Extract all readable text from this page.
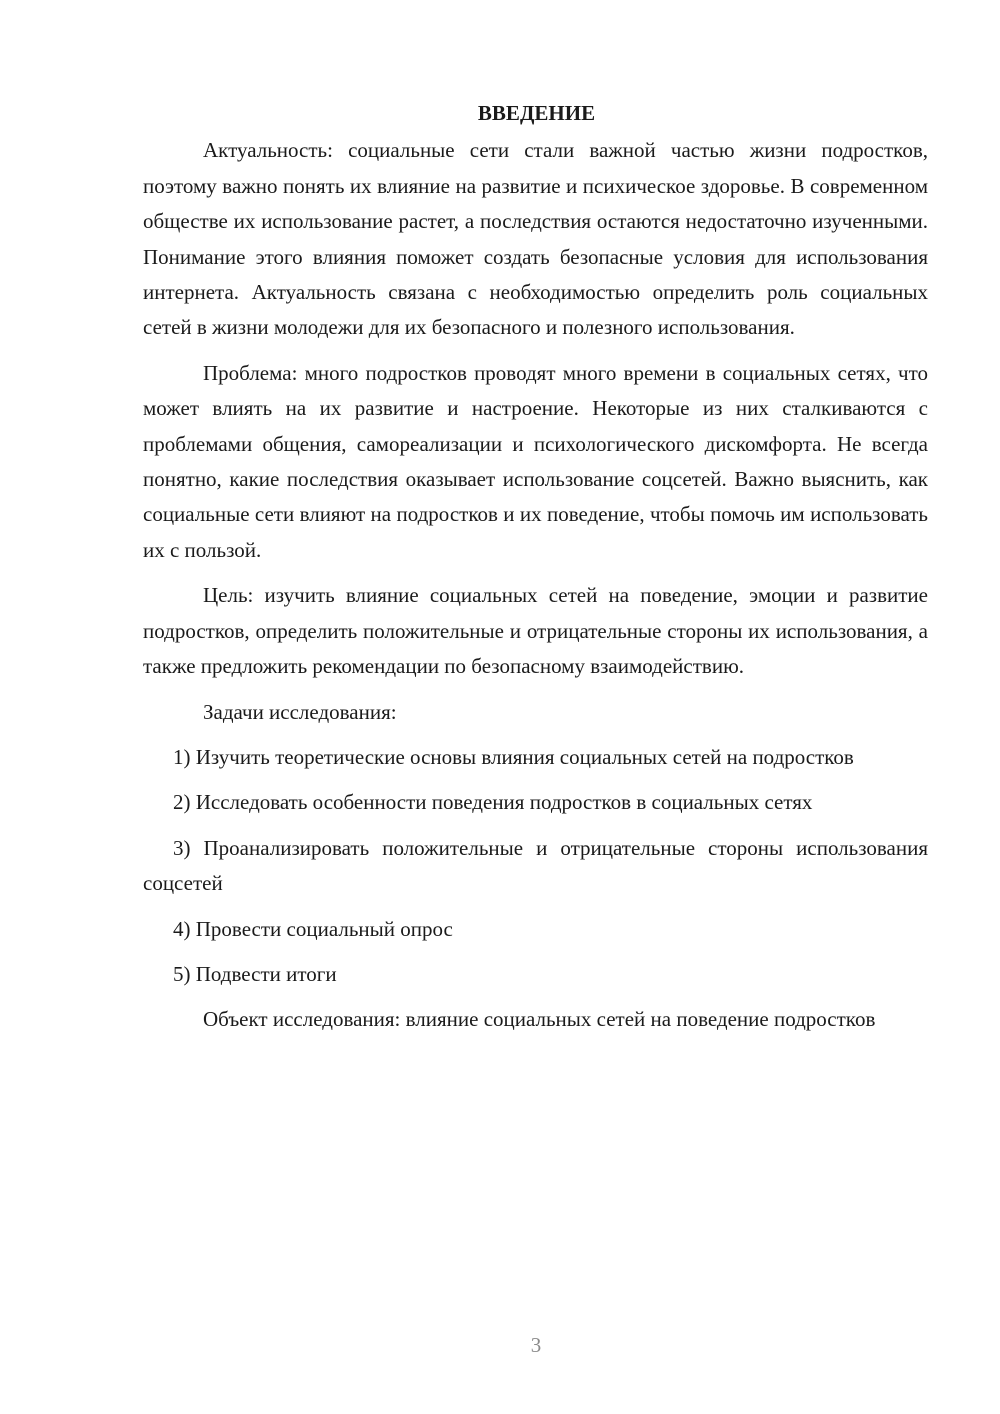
ВВЕДЕНИЕ

Актуальность: социальные сети стали важной частью жизни подростков, поэтому важно понять их влияние на развитие и психическое здоровье. В современном обществе их использование растет, а последствия остаются недостаточно изученными. Понимание этого влияния поможет создать безопасные условия для использования интернета. Актуальность связана с необходимостью определить роль социальных сетей в жизни молодежи для их безопасного и полезного использования.

Проблема: много подростков проводят много времени в социальных сетях, что может влиять на их развитие и настроение. Некоторые из них сталкиваются с проблемами общения, самореализации и психологического дискомфорта. Не всегда понятно, какие последствия оказывает использование соцсетей. Важно выяснить, как социальные сети влияют на подростков и их поведение, чтобы помочь им использовать их с пользой.

Цель: изучить влияние социальных сетей на поведение, эмоции и развитие подростков, определить положительные и отрицательные стороны их использования, а также предложить рекомендации по безопасному взаимодействию.

Задачи исследования:

1) Изучить теоретические основы влияния социальных сетей на подростков

2) Исследовать особенности поведения подростков в социальных сетях

3) Проанализировать положительные и отрицательные стороны использования соцсетей

4) Провести социальный опрос

5) Подвести итоги

Объект исследования: влияние социальных сетей на поведение подростков

3
